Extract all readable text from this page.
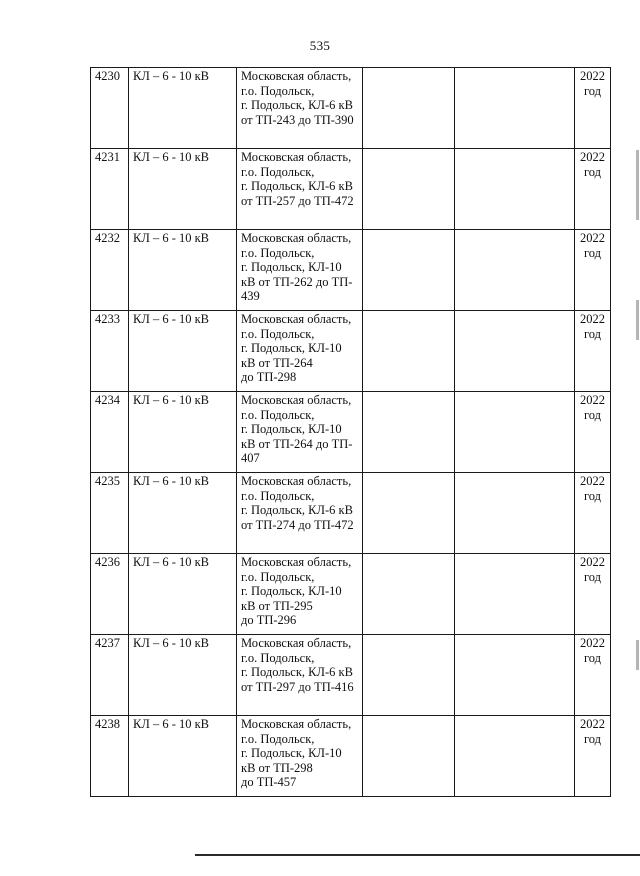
535
4230	КЛ – 6 - 10 кВ	Московская область,
г.о. Подольск,
г. Подольск, КЛ-6 кВ
от ТП-243 до ТП-390			2022
год
4231	КЛ – 6 - 10 кВ	Московская область,
г.о. Подольск,
г. Подольск, КЛ-6 кВ
от ТП-257 до ТП-472			2022
год
4232	КЛ – 6 - 10 кВ	Московская область,
г.о. Подольск,
г. Подольск, КЛ-10
кВ от ТП-262 до ТП-
439			2022
год
4233	КЛ – 6 - 10 кВ	Московская область,
г.о. Подольск,
г. Подольск, КЛ-10
кВ от ТП-264
до ТП-298			2022
год
4234	КЛ – 6 - 10 кВ	Московская область,
г.о. Подольск,
г. Подольск, КЛ-10
кВ от ТП-264 до ТП-
407			2022
год
4235	КЛ – 6 - 10 кВ	Московская область,
г.о. Подольск,
г. Подольск, КЛ-6 кВ
от ТП-274 до ТП-472			2022
год
4236	КЛ – 6 - 10 кВ	Московская область,
г.о. Подольск,
г. Подольск, КЛ-10
кВ от ТП-295
до ТП-296			2022
год
4237	КЛ – 6 - 10 кВ	Московская область,
г.о. Подольск,
г. Подольск, КЛ-6 кВ
от ТП-297 до ТП-416			2022
год
4238	КЛ – 6 - 10 кВ	Московская область,
г.о. Подольск,
г. Подольск, КЛ-10
кВ от ТП-298
до ТП-457			2022
год
